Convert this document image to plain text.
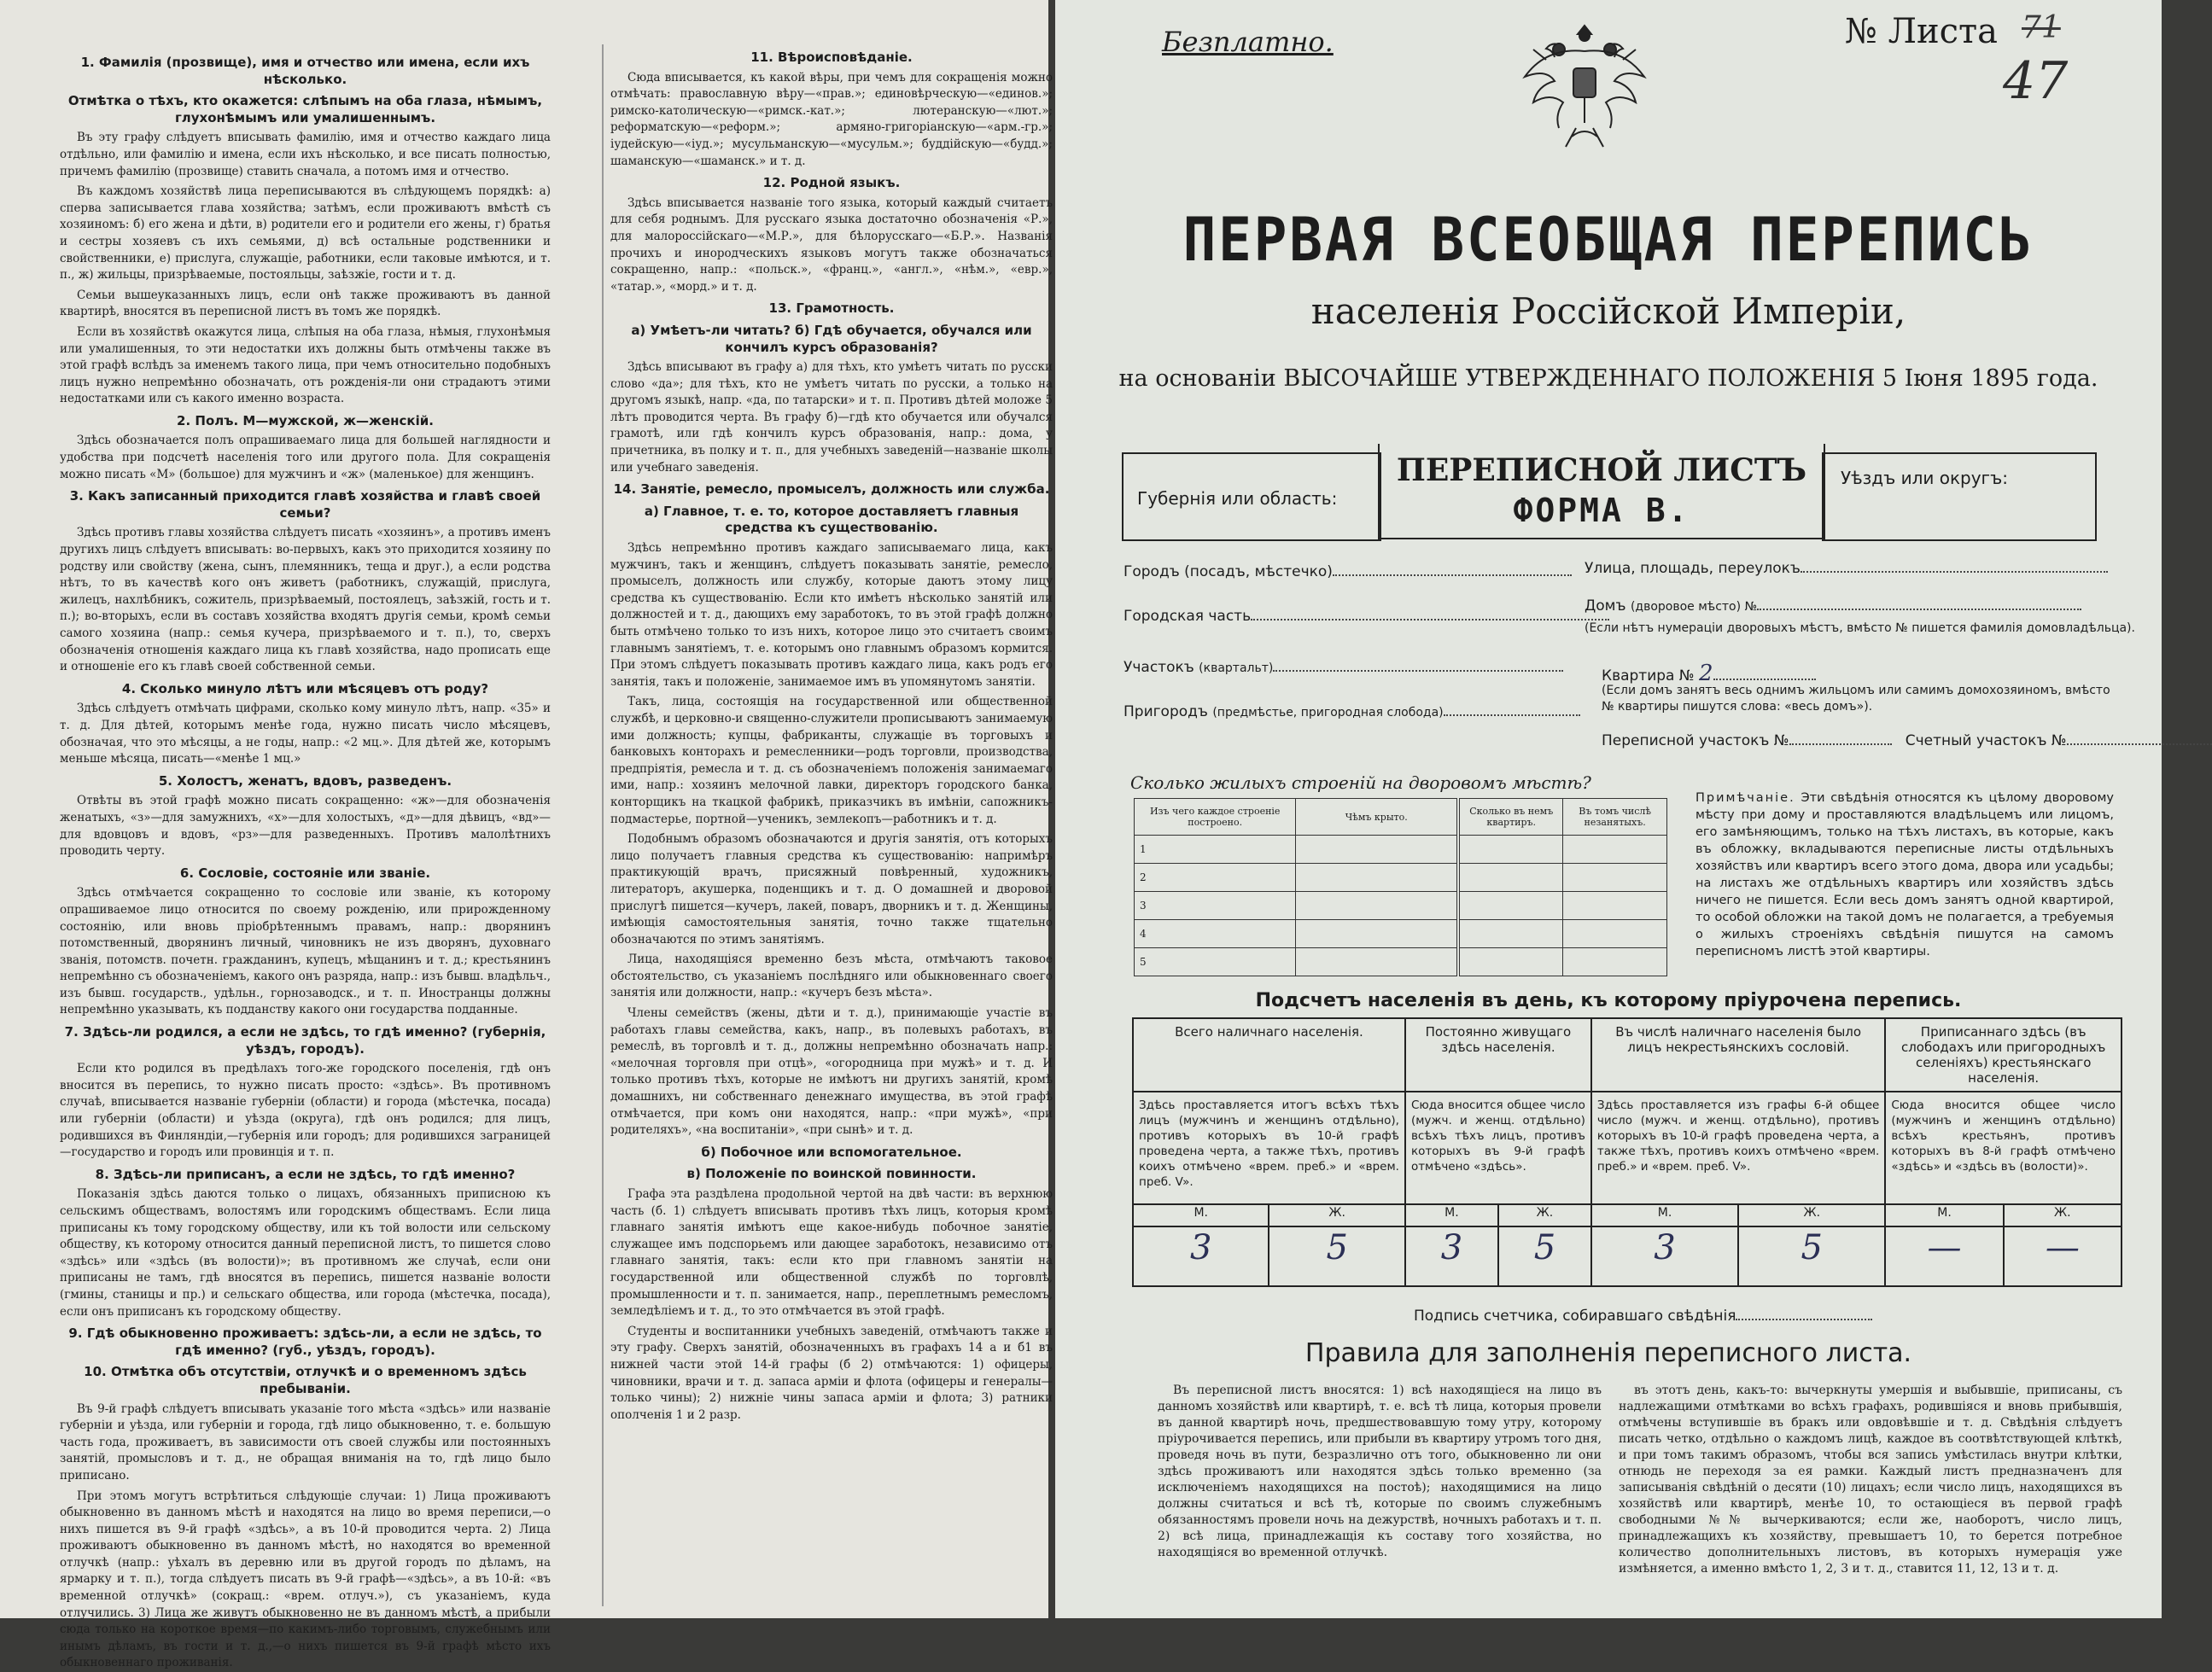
1. Фамилія (прозвище), имя и отчество или имена, если ихъ нѣсколько.
Отмѣтка о тѣхъ, кто окажется: слѣпымъ на оба глаза, нѣмымъ, глухонѣмымъ или умалишеннымъ.

Въ эту графу слѣдуетъ вписывать фамилію, имя и отчество каждаго лица отдѣльно, или фамилію и имена, если ихъ нѣсколько, и все писать полностью, причемъ фамилію (прозвище) ставить сначала, а потомъ имя и отчество.

Въ каждомъ хозяйствѣ лица переписываются въ слѣдующемъ порядкѣ: а) сперва записывается глава хозяйства; затѣмъ, если проживаютъ вмѣстѣ съ хозяиномъ: б) его жена и дѣти, в) родители его и родители его жены, г) братья и сестры хозяевъ съ ихъ семьями, д) всѣ остальные родственники и свойственники, е) прислуга, служащіе, работники, если таковые имѣются, и т. п., ж) жильцы, призрѣваемые, постояльцы, заѣзжіе, гости и т. д.

Семьи вышеуказанныхъ лицъ, если онѣ также проживаютъ въ данной квартирѣ, вносятся въ переписной листъ въ томъ же порядкѣ.

Если въ хозяйствѣ окажутся лица, слѣпыя на оба глаза, нѣмыя, глухонѣмыя или умалишенныя, то эти недостатки ихъ должны быть отмѣчены также въ этой графѣ вслѣдъ за именемъ такого лица, при чемъ относительно подобныхъ лицъ нужно непремѣнно обозначать, отъ рожденія-ли они страдаютъ этими недостатками или съ какого именно возраста.

2. Полъ. М—мужской, ж—женскій.

Здѣсь обозначается полъ опрашиваемаго лица для большей наглядности и удобства при подсчетѣ населенія того или другого пола. Для сокращенія можно писать «М» (большое) для мужчинъ и «ж» (маленькое) для женщинъ.

3. Какъ записанный приходится главѣ хозяйства и главѣ своей семьи?

Здѣсь противъ главы хозяйства слѣдуетъ писать «хозяинъ», а противъ именъ другихъ лицъ слѣдуетъ вписывать: во-первыхъ, какъ это приходится хозяину по родству или свойству (жена, сынъ, племянникъ, теща и друг.), а если родства нѣтъ, то въ качествѣ кого онъ живетъ (работникъ, служащій, прислуга, жилецъ, нахлѣбникъ, сожитель, призрѣваемый, постоялецъ, заѣзжій, гость и т. п.); во-вторыхъ, если въ составъ хозяйства входятъ другія семьи, кромѣ семьи самого хозяина (напр.: семья кучера, призрѣваемого и т. п.), то, сверхъ обозначенія отношенія каждаго лица къ главѣ хозяйства, надо прописать еще и отношеніе его къ главѣ своей собственной семьи.

4. Сколько минуло лѣтъ или мѣсяцевъ отъ роду?

Здѣсь слѣдуетъ отмѣчать цифрами, сколько кому минуло лѣтъ, напр. «35» и т. д. Для дѣтей, которымъ менѣе года, нужно писать число мѣсяцевъ, обозначая, что это мѣсяцы, а не годы, напр.: «2 мц.». Для дѣтей же, которымъ меньше мѣсяца, писать—«менѣе 1 мц.»

5. Холостъ, женатъ, вдовъ, разведенъ.

Отвѣты въ этой графѣ можно писать сокращенно: «ж»—для обозначенія женатыхъ, «з»—для замужнихъ, «х»—для холостыхъ, «д»—для дѣвицъ, «вд»—для вдовцовъ и вдовъ, «рз»—для разведенныхъ. Противъ малолѣтнихъ проводить черту.

6. Сословіе, состояніе или званіе.

Здѣсь отмѣчается сокращенно то сословіе или званіе, къ которому опрашиваемое лицо относится по своему рожденію, или прирожденному состоянію, или вновь пріобрѣтеннымъ правамъ, напр.: дворянинъ потомственный, дворянинъ личный, чиновникъ не изъ дворянъ, духовнаго званія, потомств. почетн. гражданинъ, купецъ, мѣщанинъ и т. д.; крестьянинъ непремѣнно съ обозначеніемъ, какого онъ разряда, напр.: изъ бывш. владѣльч., изъ бывш. государств., удѣльн., горнозаводск., и т. п. Иностранцы должны непремѣнно указывать, къ подданству какого они государства подданные.

7. Здѣсь-ли родился, а если не здѣсь, то гдѣ именно? (губернія, уѣздъ, городъ).

Если кто родился въ предѣлахъ того-же городского поселенія, гдѣ онъ вносится въ перепись, то нужно писать просто: «здѣсь». Въ противномъ случаѣ, вписывается названіе губерніи (области) и города (мѣстечка, посада) или губерніи (области) и уѣзда (округа), гдѣ онъ родился; для лицъ, родившихся въ Финляндіи,—губернія или городъ; для родившихся заграницей—государство и городъ или провинція и т. п.

8. Здѣсь-ли приписанъ, а если не здѣсь, то гдѣ именно?

Показанія здѣсь даются только о лицахъ, обязанныхъ приписною къ сельскимъ обществамъ, волостямъ или городскимъ обществамъ. Если лица приписаны къ тому городскому обществу, или къ той волости или сельскому обществу, къ которому относится данный переписной листъ, то пишется слово «здѣсь» или «здѣсь (въ волости)»; въ противномъ же случаѣ, если они приписаны не тамъ, гдѣ вносятся въ перепись, пишется названіе волости (гмины, станицы и пр.) и сельскаго общества, или города (мѣстечка, посада), если онъ приписанъ къ городскому обществу.

9. Гдѣ обыкновенно проживаетъ: здѣсь-ли, а если не здѣсь, то гдѣ именно? (губ., уѣздъ, городъ).
10. Отмѣтка объ отсутствіи, отлучкѣ и о временномъ здѣсь пребываніи.

Въ 9-й графѣ слѣдуетъ вписывать указаніе того мѣста «здѣсь» или названіе губерніи и уѣзда, или губерніи и города, гдѣ лицо обыкновенно, т. е. большую часть года, проживаетъ, въ зависимости отъ своей службы или постоянныхъ занятій, промысловъ и т. д., не обращая вниманія на то, гдѣ лицо было приписано.

При этомъ могутъ встрѣтиться слѣдующіе случаи: 1) Лица проживаютъ обыкновенно въ данномъ мѣстѣ и находятся на лицо во время переписи,—о нихъ пишется въ 9-й графѣ «здѣсь», а въ 10-й проводится черта. 2) Лица проживаютъ обыкновенно въ данномъ мѣстѣ, но находятся во временной отлучкѣ (напр.: уѣхалъ въ деревню или въ другой городъ по дѣламъ, на ярмарку и т. п.), тогда слѣдуетъ писать въ 9-й графѣ—«здѣсь», а въ 10-й: «въ временной отлучкѣ» (сокращ.: «врем. отлуч.»), съ указаніемъ, куда отлучились. 3) Лица же живутъ обыкновенно не въ данномъ мѣстѣ, а прибыли сюда только на короткое время—по какимъ-либо торговымъ, служебнымъ или инымъ дѣламъ, въ гости и т. д.,—о нихъ пишется въ 9-й графѣ мѣсто ихъ обыкновеннаго проживанія.

11. Вѣроисповѣданіе.

Сюда вписывается, къ какой вѣры, при чемъ для сокращенія можно отмѣчать: православную вѣру—«прав.»; единовѣрческую—«единов.»; римско-католическую—«римск.-кат.»; лютеранскую—«лют.»; реформатскую—«реформ.»; армяно-григоріанскую—«арм.-гр.»; іудейскую—«іуд.»; мусульманскую—«мусульм.»; буддійскую—«будд.»; шаманскую—«шаманск.» и т. д.

12. Родной языкъ.

Здѣсь вписывается названіе того языка, который каждый считаетъ для себя роднымъ. Для русскаго языка достаточно обозначенія «Р.», для малороссійскаго—«М.Р.», для бѣлорусскаго—«Б.Р.». Названія прочихъ и инородческихъ языковъ могутъ также обозначаться сокращенно, напр.: «польск.», «франц.», «англ.», «нѣм.», «евр.», «татар.», «морд.» и т. д.

13. Грамотность.
а) Умѣетъ-ли читать? б) Гдѣ обучается, обучался или кончилъ курсъ образованія?

Здѣсь вписывают въ графу а) для тѣхъ, кто умѣетъ читать по русски слово «да»; для тѣхъ, кто не умѣетъ читать по русски, а только на другомъ языкѣ, напр. «да, по татарски» и т. п. Противъ дѣтей моложе 5 лѣтъ проводится черта. Въ графу б)—гдѣ кто обучается или обучался грамотѣ, или гдѣ кончилъ курсъ образованія, напр.: дома, у причетника, въ полку и т. п., для учебныхъ заведеній—названіе школы или учебнаго заведенія.

14. Занятіе, ремесло, промыселъ, должность или служба.
а) Главное, т. е. то, которое доставляетъ главныя средства къ существованію.

Здѣсь непремѣнно противъ каждаго записываемаго лица, какъ мужчинъ, такъ и женщинъ, слѣдуетъ показывать занятіе, ремесло, промыселъ, должность или службу, которые даютъ этому лицу средства къ существованію. Если кто имѣетъ нѣсколько занятій или должностей и т. д., дающихъ ему заработокъ, то въ этой графѣ должно быть отмѣчено только то изъ нихъ, которое лицо это считаетъ своимъ главнымъ занятіемъ, т. е. которымъ оно главнымъ образомъ кормится. При этомъ слѣдуетъ показывать противъ каждаго лица, какъ родъ его занятія, такъ и положеніе, занимаемое имъ въ упомянутомъ занятіи.

Такъ, лица, состоящія на государственной или общественной службѣ, и церковно-и священно-служители прописываютъ занимаемую ими должность; купцы, фабриканты, служащіе въ торговыхъ и банковыхъ конторахъ и ремесленники—родъ торговли, производства, предпріятія, ремесла и т. д. съ обозначеніемъ положенія занимаемаго ими, напр.: хозяинъ мелочной лавки, директоръ городского банка, конторщикъ на ткацкой фабрикѣ, приказчикъ въ имѣніи, сапожникъ-подмастерье, портной—ученикъ, землекопъ—работникъ и т. д.

Подобнымъ образомъ обозначаются и другія занятія, отъ которыхъ лицо получаетъ главныя средства къ существованію: напримѣръ практикующій врачъ, присяжный повѣренный, художникъ, литераторъ, акушерка, поденщикъ и т. д. О домашней и дворовой прислугѣ пишется—кучеръ, лакей, поваръ, дворникъ и т. д. Женщины, имѣющія самостоятельныя занятія, точно также тщательно обозначаются по этимъ занятіямъ.

Лица, находящіяся временно безъ мѣста, отмѣчаютъ таковое обстоятельство, съ указаніемъ послѣдняго или обыкновеннаго своего занятія или должности, напр.: «кучеръ безъ мѣста».

Члены семействъ (жены, дѣти и т. д.), принимающіе участіе въ работахъ главы семейства, какъ, напр., въ полевыхъ работахъ, въ ремеслѣ, въ торговлѣ и т. д., должны непремѣнно обозначать напр.: «мелочная торговля при отцѣ», «огородница при мужѣ» и т. д. И только противъ тѣхъ, которые не имѣютъ ни другихъ занятій, кромѣ домашнихъ, ни собственнаго денежнаго имущества, въ этой графѣ отмѣчается, при комъ они находятся, напр.: «при мужѣ», «при родителяхъ», «на воспитаніи», «при сынѣ» и т. д.

б) Побочное или вспомогательное.
в) Положеніе по воинской повинности.

Графа эта раздѣлена продольной чертой на двѣ части: въ верхнюю часть (б. 1) слѣдуетъ вписывать противъ тѣхъ лицъ, которыя кромѣ главнаго занятія имѣютъ еще какое-нибудь побочное занятіе, служащее имъ подспорьемъ или дающее заработокъ, независимо отъ главнаго занятія, такъ: если кто при главномъ занятіи на государственной или общественной службѣ по торговлѣ, промышленности и т. п. занимается, напр., переплетнымъ ремесломъ, земледѣліемъ и т. д., то это отмѣчается въ этой графѣ.

Студенты и воспитанники учебныхъ заведеній, отмѣчаютъ также и эту графу. Сверхъ занятій, обозначенныхъ въ графахъ 14 а и б1 въ нижней части этой 14-й графы (б 2) отмѣчаются: 1) офицеры, чиновники, врачи и т. д. запаса арміи и флота (офицеры и генералы—только чины); 2) нижніе чины запаса арміи и флота; 3) ратники ополченія 1 и 2 разр.

Безплатно.	№ Листа 71
47
ПЕРВАЯ ВСЕОБЩАЯ ПЕРЕПИСЬ
населенія Россійской Имперіи,
на основаніи ВЫСОЧАЙШЕ УТВЕРЖДЕННАГО ПОЛОЖЕНІЯ 5 Іюня 1895 года.
Губернія или область:
ПЕРЕПИСНОЙ ЛИСТЪ
ФОРМА В.
Уѣздъ или округъ:
Городъ (посадъ, мѣстечко)
Городская часть
Участокъ (квартальт)
Пригородъ (предмѣстье, пригородная слобода)
Улица, площадь, переулокъ
Домъ (дворовое мѣсто) №
(Если нѣтъ нумераціи дворовыхъ мѣстъ, вмѣсто № пишется фамилія домовладѣльца).
Квартира № 2
(Если домъ занятъ весь однимъ жильцомъ или самимъ домохозяиномъ, вмѣсто № квартиры пишутся слова: «весь домъ»).
Переписной участокъ №	Счетный участокъ №
Сколько жилыхъ строеній на дворовомъ мѣстѣ?
Изъ чего каждое строеніе построено.	Чѣмъ крыто.	Сколько въ немъ квартиръ.	Въ томъ числѣ незанятыхъ.
1			
2			
3			
4			
5			
Примѣчаніе. Эти свѣдѣнія относятся къ цѣлому дворовому мѣсту при дому и проставляются владѣльцемъ или лицомъ, его замѣняющимъ, только на тѣхъ листахъ, въ которые, какъ въ обложку, вкладываются переписные листы отдѣльныхъ хозяйствъ или квартиръ всего этого дома, двора или усадьбы; на листахъ же отдѣльныхъ квартиръ или хозяйствъ здѣсь ничего не пишется. Если весь домъ занятъ одной квартирой, то особой обложки на такой домъ не полагается, а требуемыя о жилыхъ строеніяхъ свѣдѣнія пишутся на самомъ переписномъ листѣ этой квартиры.
Подсчетъ населенія въ день, къ которому пріурочена перепись.
Всего наличнаго населенія.		Постоянно живущаго здѣсь населенія.		Въ числѣ наличнаго населенія было лицъ некрестьянскихъ сословій.		Приписаннаго здѣсь (въ слободахъ или пригородныхъ селеніяхъ) крестьянскаго населенія.	
Здѣсь проставляется итогъ всѣхъ тѣхъ лицъ (мужчинъ и женщинъ отдѣльно), противъ которыхъ въ 10-й графѣ проведена черта, а также тѣхъ, противъ коихъ отмѣчено «врем. преб.» и «врем. преб. V».		Сюда вносится общее число (мужч. и женщ. отдѣльно) всѣхъ тѣхъ лицъ, противъ которыхъ въ 9-й графѣ отмѣчено «здѣсь».		Здѣсь проставляется изъ графы 6-й общее число (мужч. и женщ. отдѣльно), противъ которыхъ въ 10-й графѣ проведена черта, а также тѣхъ, противъ коихъ отмѣчено «врем. преб.» и «врем. преб. V».		Сюда вносится общее число (мужчинъ и женщинъ отдѣльно) всѣхъ крестьянъ, противъ которыхъ въ 8-й графѣ отмѣчено «здѣсь» и «здѣсь въ (волости)».	
М.	Ж.	М.	Ж.	М.	Ж.	М.	Ж.
3	5	3	5	3	5	—	—
Подпись счетчика, собиравшаго свѣдѣнія
Правила для заполненія переписного листа.

Въ переписной листъ вносятся: 1) всѣ находящіеся на лицо въ данномъ хозяйствѣ или квартирѣ, т. е. всѣ тѣ лица, которыя провели въ данной квартирѣ ночь, предшествовавшую тому утру, которому пріурочивается перепись, или прибыли въ квартиру утромъ того дня, проведя ночь въ пути, безразлично отъ того, обыкновенно ли они здѣсь проживаютъ или находятся здѣсь только временно (за исключеніемъ находящихся на постоѣ); находящимися на лицо должны считаться и всѣ тѣ, которые по своимъ служебнымъ обязанностямъ провели ночь на дежурствѣ, ночныхъ работахъ и т. п. 2) всѣ лица, принадлежащія къ составу того хозяйства, но находящіяся во временной отлучкѣ.

въ этотъ день, какъ-то: вычеркнуты умершія и выбывшіе, приписаны, съ надлежащими отмѣтками во всѣхъ графахъ, родившіяся и вновь прибывшія, отмѣчены вступившіе въ бракъ или овдовѣвшіе и т. д. Свѣдѣнія слѣдуетъ писать четко, отдѣльно о каждомъ лицѣ, каждое въ соотвѣтствующей клѣткѣ, и при томъ такимъ образомъ, чтобы вся запись умѣстилась внутри клѣтки, отнюдь не переходя за ея рамки. Каждый листъ предназначенъ для записыванія свѣдѣній о десяти (10) лицахъ; если число лицъ, находящихся въ хозяйствѣ или квартирѣ, менѣе 10, то остающіеся въ первой графѣ свободными №№ вычеркиваются; если же, наоборотъ, число лицъ, принадлежащихъ къ хозяйству, превышаетъ 10, то берется потребное количество дополнительныхъ листовъ, въ которыхъ нумерація уже измѣняется, а именно вмѣсто 1, 2, 3 и т. д., ставится 11, 12, 13 и т. д.
